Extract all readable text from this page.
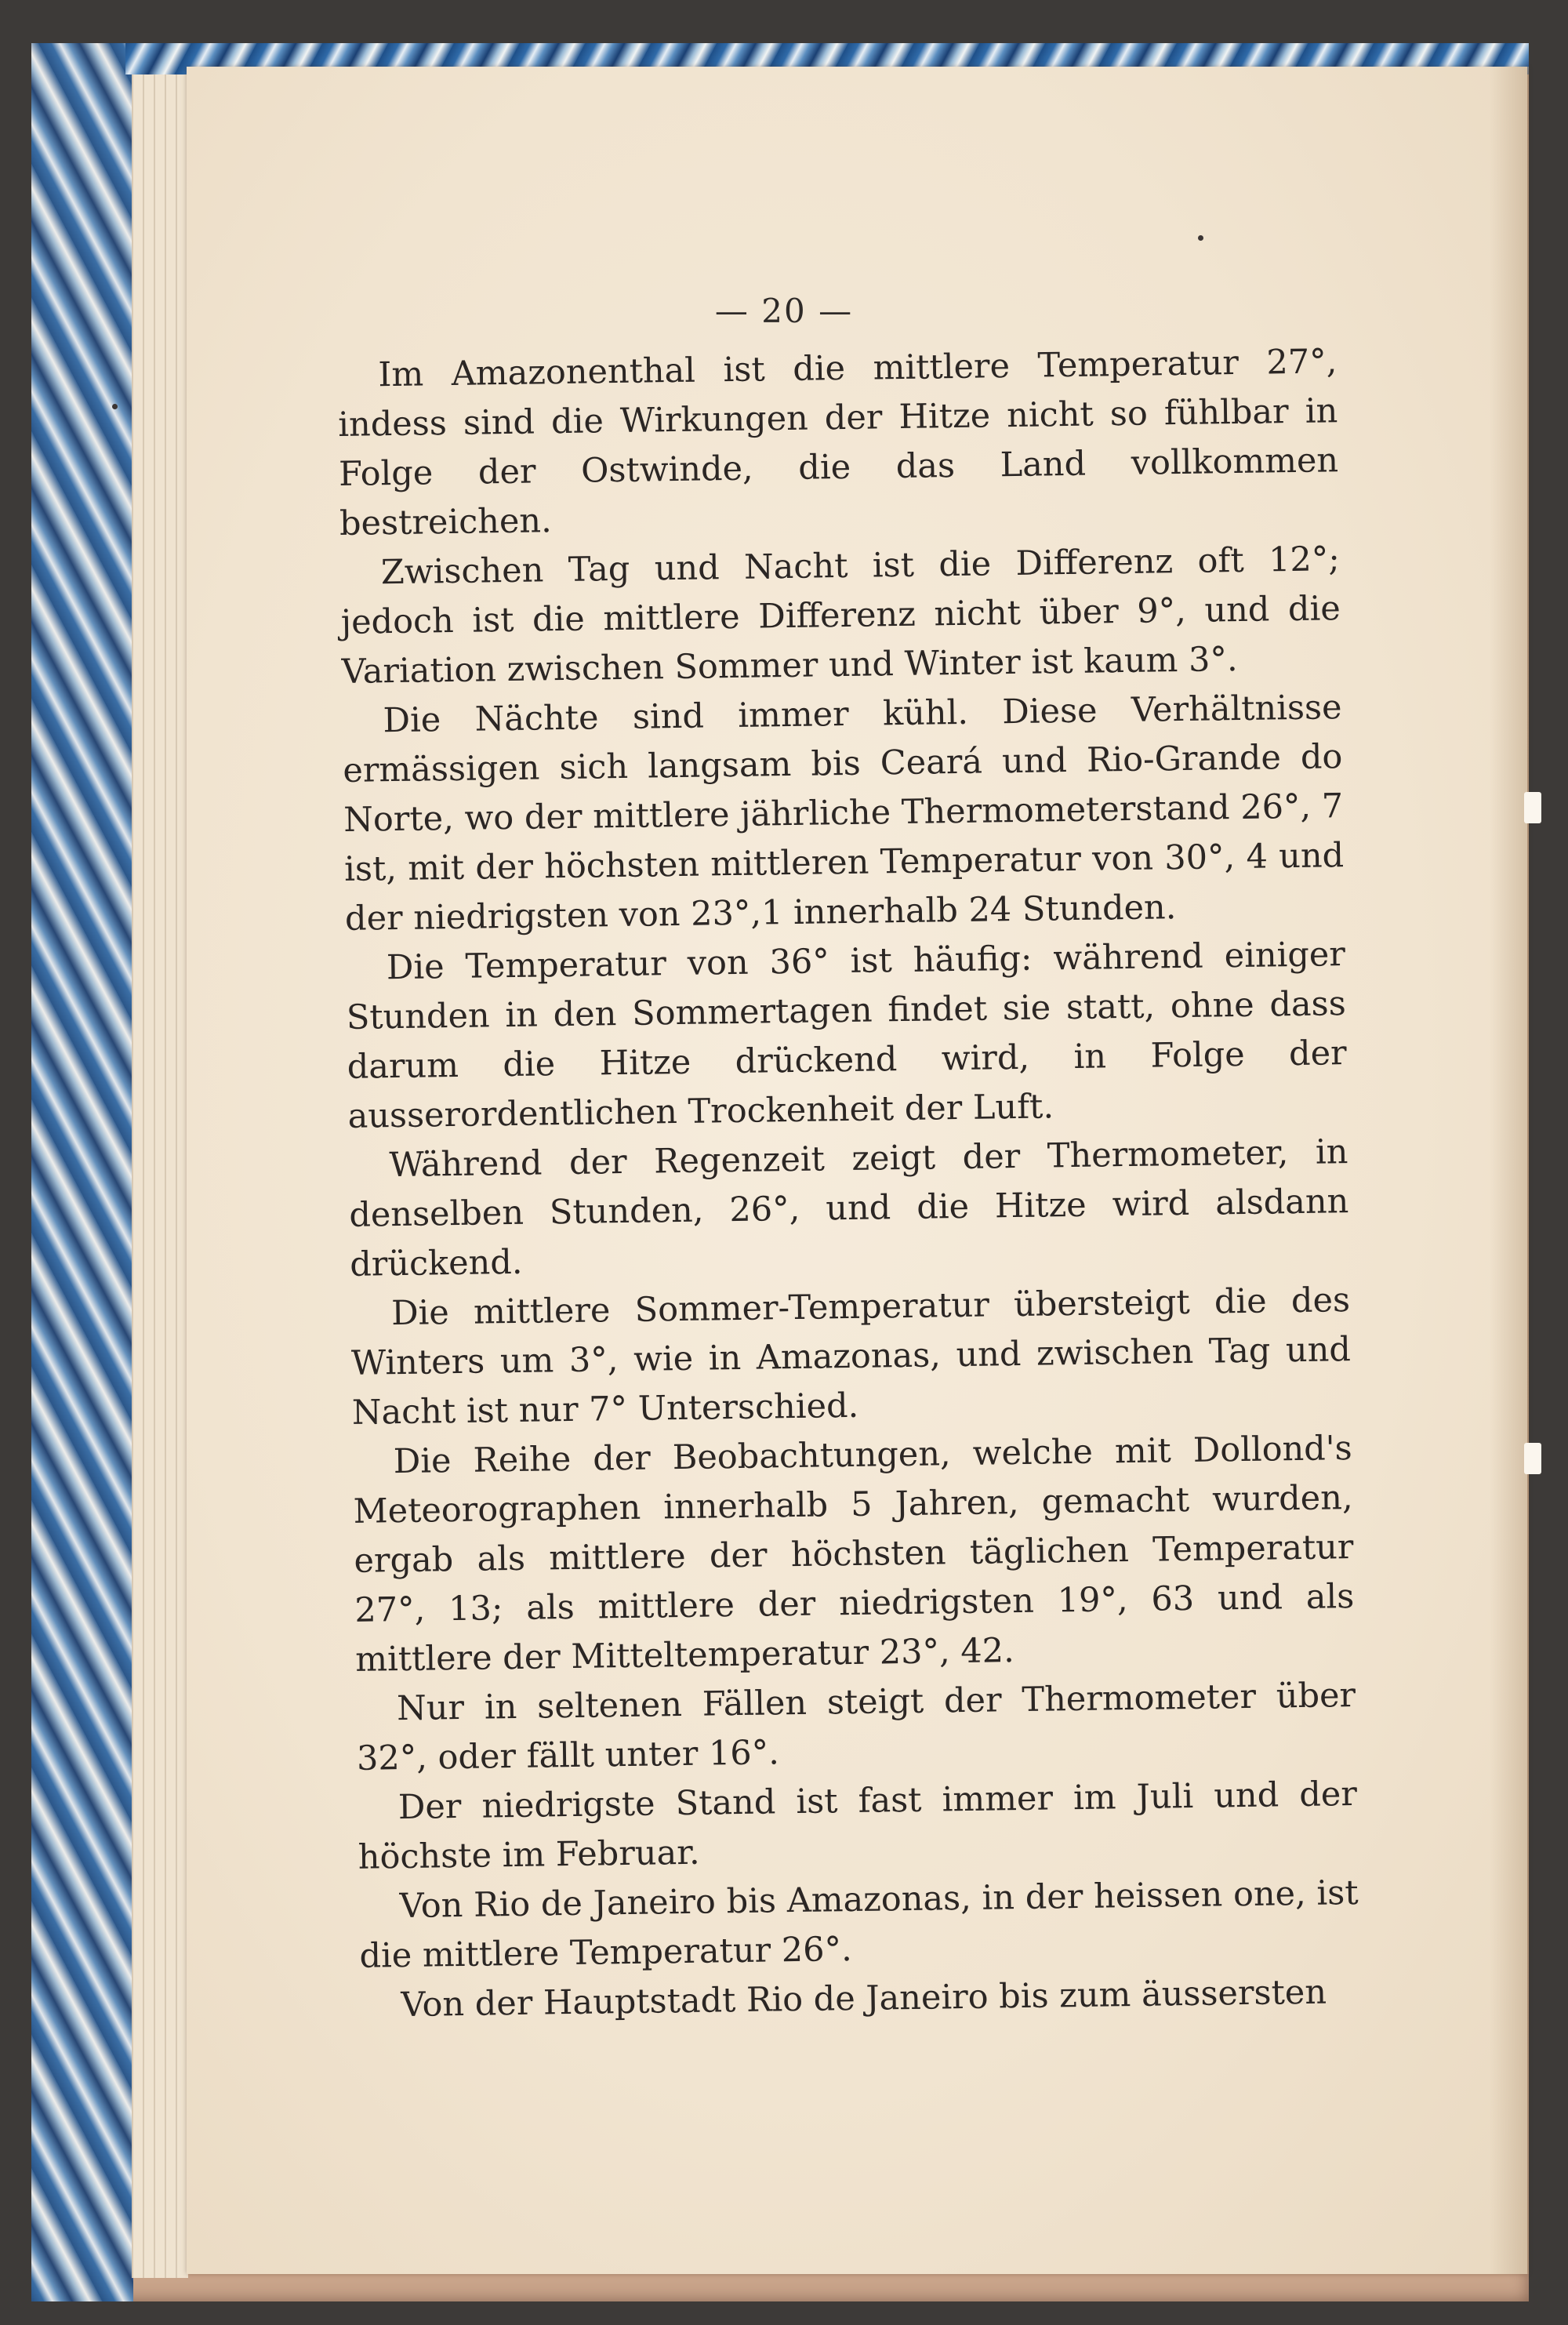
— 20 —

Im Amazonenthal ist die mittlere Temperatur 27°, indess sind die Wirkungen der Hitze nicht so fühlbar in Folge der Ostwinde, die das Land vollkommen bestreichen.

Zwischen Tag und Nacht ist die Differenz oft 12°; jedoch ist die mittlere Differenz nicht über 9°, und die Variation zwischen Sommer und Winter ist kaum 3°.

Die Nächte sind immer kühl. Diese Verhältnisse ermässigen sich langsam bis Ceará und Rio-Grande do Norte, wo der mittlere jährliche Thermometerstand 26°, 7 ist, mit der höchsten mittleren Temperatur von 30°, 4 und der niedrigsten von 23°,1 innerhalb 24 Stunden.

Die Temperatur von 36° ist häufig: während einiger Stunden in den Sommertagen findet sie statt, ohne dass darum die Hitze drückend wird, in Folge der ausserordentlichen Trockenheit der Luft.

Während der Regenzeit zeigt der Thermometer, in denselben Stunden, 26°, und die Hitze wird alsdann drückend.

Die mittlere Sommer-Temperatur übersteigt die des Winters um 3°, wie in Amazonas, und zwischen Tag und Nacht ist nur 7° Unterschied.

Die Reihe der Beobachtungen, welche mit Dollond's Meteorographen innerhalb 5 Jahren, gemacht wurden, ergab als mittlere der höchsten täglichen Temperatur 27°, 13; als mittlere der niedrigsten 19°, 63 und als mittlere der Mitteltemperatur 23°, 42.

Nur in seltenen Fällen steigt der Thermometer über 32°, oder fällt unter 16°.

Der niedrigste Stand ist fast immer im Juli und der höchste im Februar.

Von Rio de Janeiro bis Amazonas, in der heissen one, ist die mittlere Temperatur 26°.

Von der Hauptstadt Rio de Janeiro bis zum äussersten
